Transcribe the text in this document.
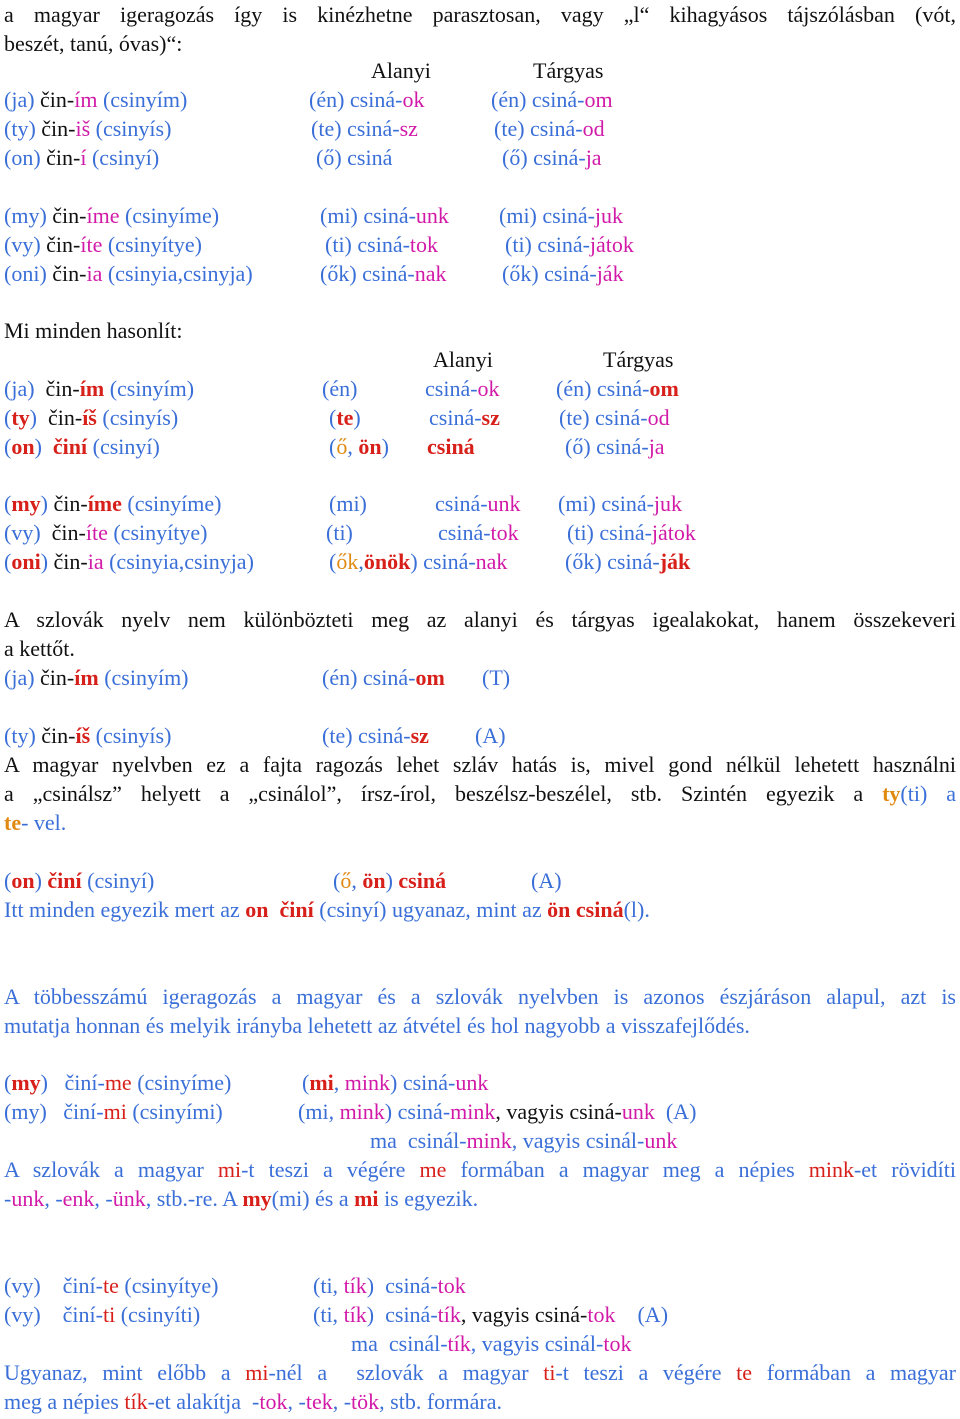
a magyar igeragozás így is kinézhetne parasztosan, vagy „l“ kihagyásos tájszólásban (vót,
beszét, tanú, óvas)“:
Alanyi	Tárgyas
(ja) čin-ím (csinyím)	(én) csiná-ok	(én) csiná-om
(ty) čin-iš (csinyís)	(te) csiná-sz	(te) csiná-od
(on) čin-í (csinyí)	(ő) csiná	(ő) csiná-ja
(my) čin-íme (csinyíme)	(mi) csiná-unk (mi) csiná-juk
(vy) čin-íte (csinyítye)	(ti) csiná-tok	(ti) csiná-játok
(oni) čin-ia (csinyia,csinyja)	(ők) csiná-nak	(ők) csiná-ják
Mi minden hasonlít:
Alanyi	Tárgyas
(ja) čin-ím (csinyím)	(én)	csiná-ok	(én) csiná-om
(ty) čin-íš (csinyís)	(te)	csiná-sz	(te) csiná-od
(on) činí (csinyí)	(ő, ön) csiná	(ő) csiná-ja
(my) čin-íme (csinyíme)	(mi)	csiná-unk (mi) csiná-juk
(vy) čin-íte (csinyítye)	(ti)	csiná-tok (ti) csiná-játok
(oni) čin-ia (csinyia,csinyja)	(ők,önök) csiná-nak	(ők) csiná-ják
A szlovák nyelv nem különbözteti meg az alanyi és tárgyas igealakokat, hanem összekeveri
a kettőt.
(ja) čin-ím (csinyím)	(én) csiná-om (T)
(ty) čin-íš (csinyís)	(te) csiná-sz (A)
A magyar nyelvben ez a fajta ragozás lehet szláv hatás is, mivel gond nélkül lehetett használni
a „csinálsz” helyett a „csinálol”, írsz-írol, beszélsz-beszélel, stb. Szintén egyezik a ty(ti) a
te- vel.
(on) činí (csinyí)	(ő, ön) csiná	(A)
Itt minden egyezik mert az on činí (csinyí) ugyanaz, mint az ön csiná(l).
A többesszámú igeragozás a magyar és a szlovák nyelvben is azonos észjáráson alapul, azt is
mutatja honnan és melyik irányba lehetett az átvétel és hol nagyobb a visszafejlődés.
(my) činí-me (csinyíme)	(mi, mink) csiná-unk
(my) činí-mi (csinyími)	(mi, mink) csiná-mink, vagyis csiná-unk (A)
ma  csinál-mink, vagyis csinál-unk
A szlovák a magyar mi-t teszi a végére me formában a magyar meg a népies mink-et rövidíti
-unk, -enk, -ünk, stb.-re. A my(mi) és a mi is egyezik.
(vy) činí-te (csinyítye)	(ti, tík)  csiná-tok
(vy) činí-ti (csinyíti)	(ti, tík)  csiná-tík, vagyis csiná-tok (A)
ma  csinál-tík, vagyis csinál-tok
Ugyanaz, mint előbb a mi-nél a  szlovák a magyar ti-t teszi a végére te formában a magyar
meg a népies tík-et alakítja  -tok, -tek, -tök, stb. formára.
